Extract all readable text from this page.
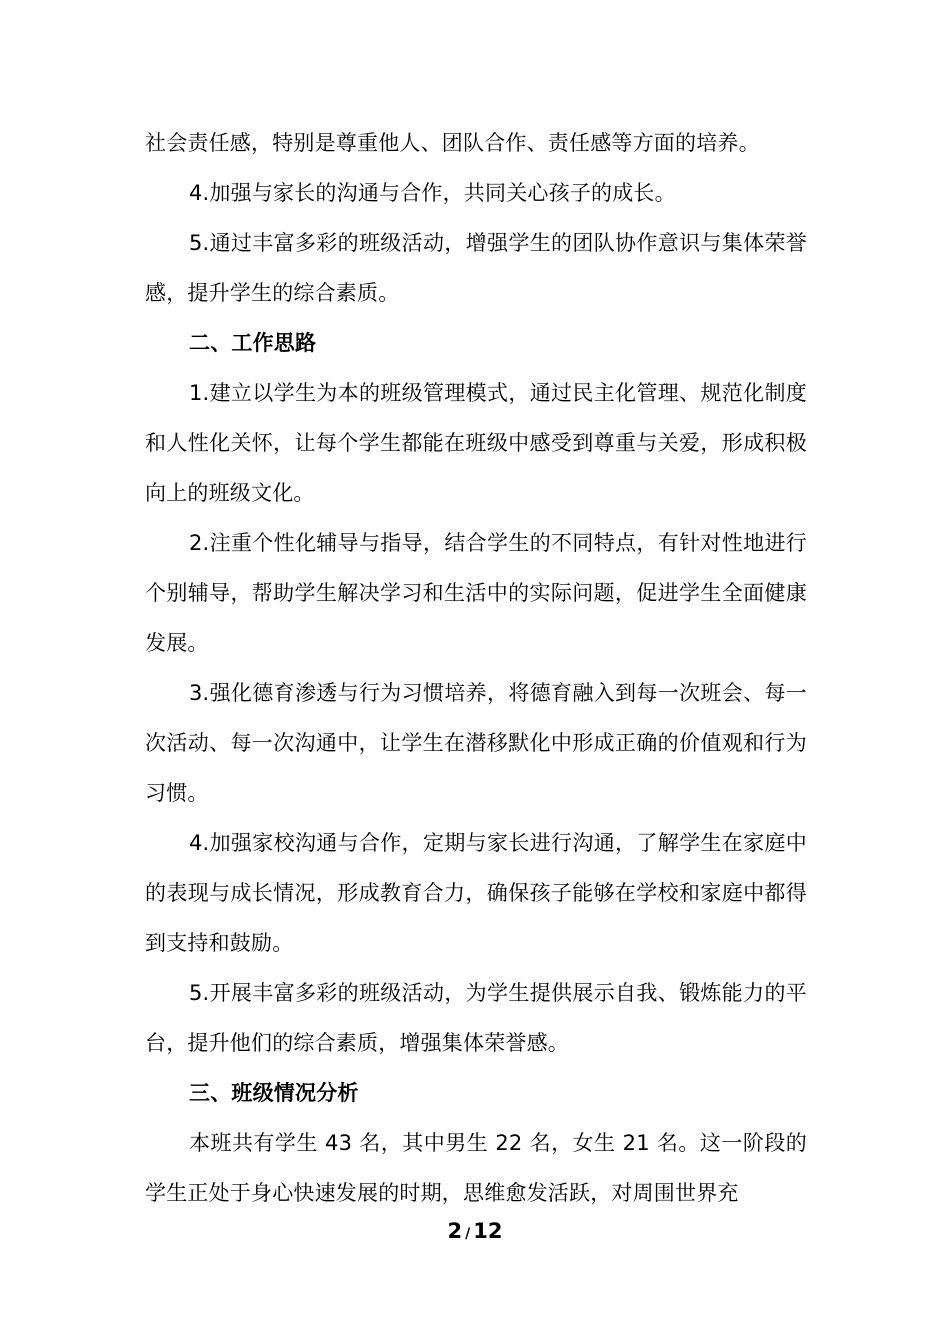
社会责任感，特别是尊重他人、团队合作、责任感等方面的培养。

4.加强与家长的沟通与合作，共同关心孩子的成长。

5.通过丰富多彩的班级活动，增强学生的团队协作意识与集体荣誉感，提升学生的综合素质。

二、工作思路

1.建立以学生为本的班级管理模式，通过民主化管理、规范化制度和人性化关怀，让每个学生都能在班级中感受到尊重与关爱，形成积极向上的班级文化。

2.注重个性化辅导与指导，结合学生的不同特点，有针对性地进行个别辅导，帮助学生解决学习和生活中的实际问题，促进学生全面健康发展。

3.强化德育渗透与行为习惯培养，将德育融入到每一次班会、每一次活动、每一次沟通中，让学生在潜移默化中形成正确的价值观和行为习惯。

4.加强家校沟通与合作，定期与家长进行沟通，了解学生在家庭中的表现与成长情况，形成教育合力，确保孩子能够在学校和家庭中都得到支持和鼓励。

5.开展丰富多彩的班级活动，为学生提供展示自我、锻炼能力的平台，提升他们的综合素质，增强集体荣誉感。

三、班级情况分析

本班共有学生 43 名，其中男生 22 名，女生 21 名。这一阶段的学生正处于身心快速发展的时期，思维愈发活跃，对周围世界充

2 / 12
